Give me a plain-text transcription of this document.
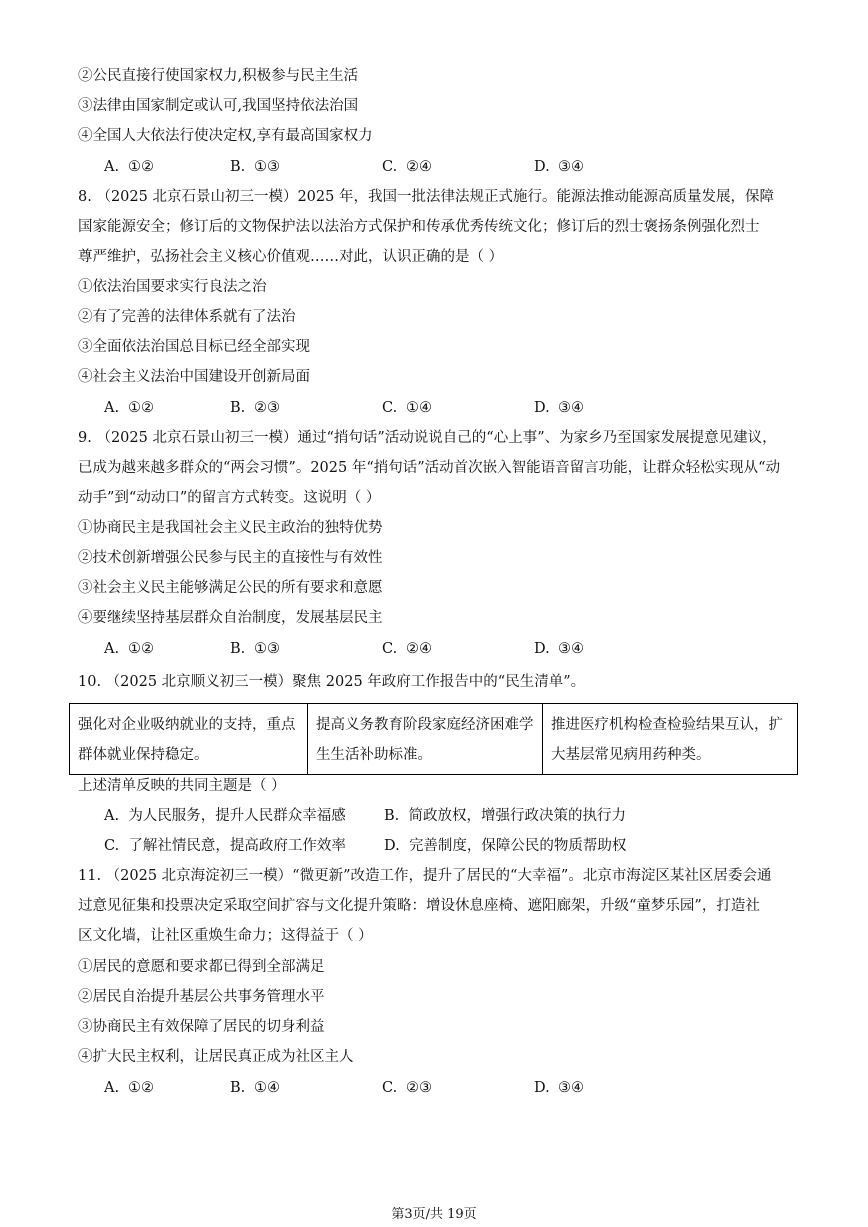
②公民直接行使国家权力,积极参与民主生活
③法律由国家制定或认可,我国坚持依法治国
④全国人大依法行使决定权,享有最高国家权力
A. ①②	B. ①③	C. ②④	D. ③④
8. （2025 北京石景山初三一模）2025 年，我国一批法律法规正式施行。能源法推动能源高质量发展，保障
国家能源安全；修订后的文物保护法以法治方式保护和传承优秀传统文化；修订后的烈士褒扬条例强化烈士
尊严维护，弘扬社会主义核心价值观……对此，认识正确的是（ ）
①依法治国要求实行良法之治
②有了完善的法律体系就有了法治
③全面依法治国总目标已经全部实现
④社会主义法治中国建设开创新局面
A. ①②	B. ②③	C. ①④	D. ③④
9. （2025 北京石景山初三一模）通过“捎句话”活动说说自己的“心上事”、为家乡乃至国家发展提意见建议，
已成为越来越多群众的“两会习惯”。2025 年“捎句话”活动首次嵌入智能语音留言功能，让群众轻松实现从“动
动手”到“动动口”的留言方式转变。这说明（ ）
①协商民主是我国社会主义民主政治的独特优势
②技术创新增强公民参与民主的直接性与有效性
③社会主义民主能够满足公民的所有要求和意愿
④要继续坚持基层群众自治制度，发展基层民主
A. ①②	B. ①③	C. ②④	D. ③④
10. （2025 北京顺义初三一模）聚焦 2025 年政府工作报告中的“民生清单”。
强化对企业吸纳就业的支持，重点群体就业保持稳定。	提高义务教育阶段家庭经济困难学生生活补助标准。	推进医疗机构检查检验结果互认，扩大基层常见病用药种类。
上述清单反映的共同主题是（ ）
A. 为人民服务，提升人民群众幸福感	B. 简政放权，增强行政决策的执行力
C. 了解社情民意，提高政府工作效率	D. 完善制度，保障公民的物质帮助权
11. （2025 北京海淀初三一模）“微更新”改造工作，提升了居民的“大幸福”。北京市海淀区某社区居委会通
过意见征集和投票决定采取空间扩容与文化提升策略：增设休息座椅、遮阳廊架，升级“童梦乐园”，打造社
区文化墙，让社区重焕生命力；这得益于（ ）
①居民的意愿和要求都已得到全部满足
②居民自治提升基层公共事务管理水平
③协商民主有效保障了居民的切身利益
④扩大民主权利，让居民真正成为社区主人
A. ①②	B. ①④	C. ②③	D. ③④
第3页/共 19页
